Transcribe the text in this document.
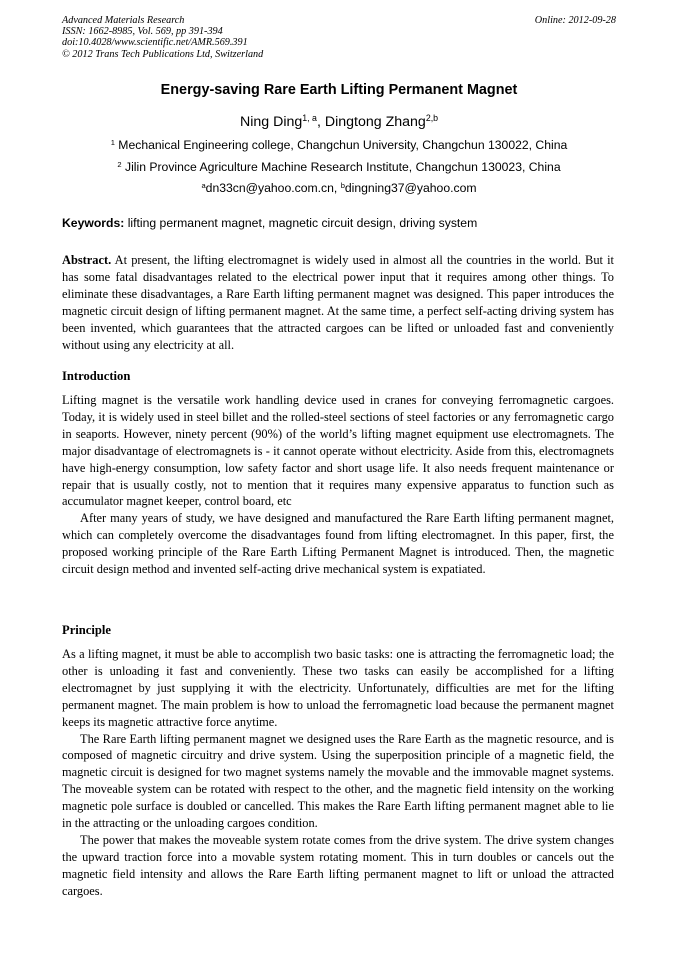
Advanced Materials Research
ISSN: 1662-8985, Vol. 569, pp 391-394
doi:10.4028/www.scientific.net/AMR.569.391
© 2012 Trans Tech Publications Ltd, Switzerland
Online: 2012-09-28
Energy-saving Rare Earth Lifting Permanent Magnet
Ning Ding$^{1, a}$, Dingtong Zhang$^{2,b}$
$^1$ Mechanical Engineering college, Changchun University, Changchun 130022, China
$^2$ Jilin Province Agriculture Machine Research Institute, Changchun 130023, China
$^a$dn33cn@yahoo.com.cn, $^b$dingning37@yahoo.com
Keywords: lifting permanent magnet, magnetic circuit design, driving system

Abstract. At present, the lifting electromagnet is widely used in almost all the countries in the world. But it has some fatal disadvantages related to the electrical power input that it requires among other things. To eliminate these disadvantages, a Rare Earth lifting permanent magnet was designed. This paper introduces the magnetic circuit design of lifting permanent magnet. At the same time, a perfect self-acting driving system has been invented, which guarantees that the attracted cargoes can be lifted or unloaded fast and conveniently without using any electricity at all.

Introduction

Lifting magnet is the versatile work handling device used in cranes for conveying ferromagnetic cargoes. Today, it is widely used in steel billet and the rolled-steel sections of steel factories or any ferromagnetic cargo in seaports. However, ninety percent (90%) of the world’s lifting magnet equipment use electromagnets. The major disadvantage of electromagnets is - it cannot operate without electricity. Aside from this, electromagnets have high-energy consumption, low safety factor and short usage life. It also needs frequent maintenance or repair that is usually costly, not to mention that it requires many expensive apparatus to function such as accumulator magnet keeper, control board, etc

After many years of study, we have designed and manufactured the Rare Earth lifting permanent magnet, which can completely overcome the disadvantages found from lifting electromagnet. In this paper, first, the proposed working principle of the Rare Earth Lifting Permanent Magnet is introduced. Then, the magnetic circuit design method and invented self-acting drive mechanical system is expatiated.

Principle

As a lifting magnet, it must be able to accomplish two basic tasks: one is attracting the ferromagnetic load; the other is unloading it fast and conveniently. These two tasks can easily be accomplished for a lifting electromagnet by just supplying it with the electricity. Unfortunately, difficulties are met for the lifting permanent magnet. The main problem is how to unload the ferromagnetic load because the permanent magnet keeps its magnetic attractive force anytime.

The Rare Earth lifting permanent magnet we designed uses the Rare Earth as the magnetic resource, and is composed of magnetic circuitry and drive system. Using the superposition principle of a magnetic field, the magnetic circuit is designed for two magnet systems namely the movable and the immovable magnet systems. The moveable system can be rotated with respect to the other, and the magnetic field intensity on the working magnetic pole surface is doubled or cancelled. This makes the Rare Earth lifting permanent magnet able to lie in the attracting or the unloading cargoes condition.

The power that makes the moveable system rotate comes from the drive system. The drive system changes the upward traction force into a movable system rotating moment. This in turn doubles or cancels out the magnetic field intensity and allows the Rare Earth lifting permanent magnet to lift or unload the attracted cargoes.
